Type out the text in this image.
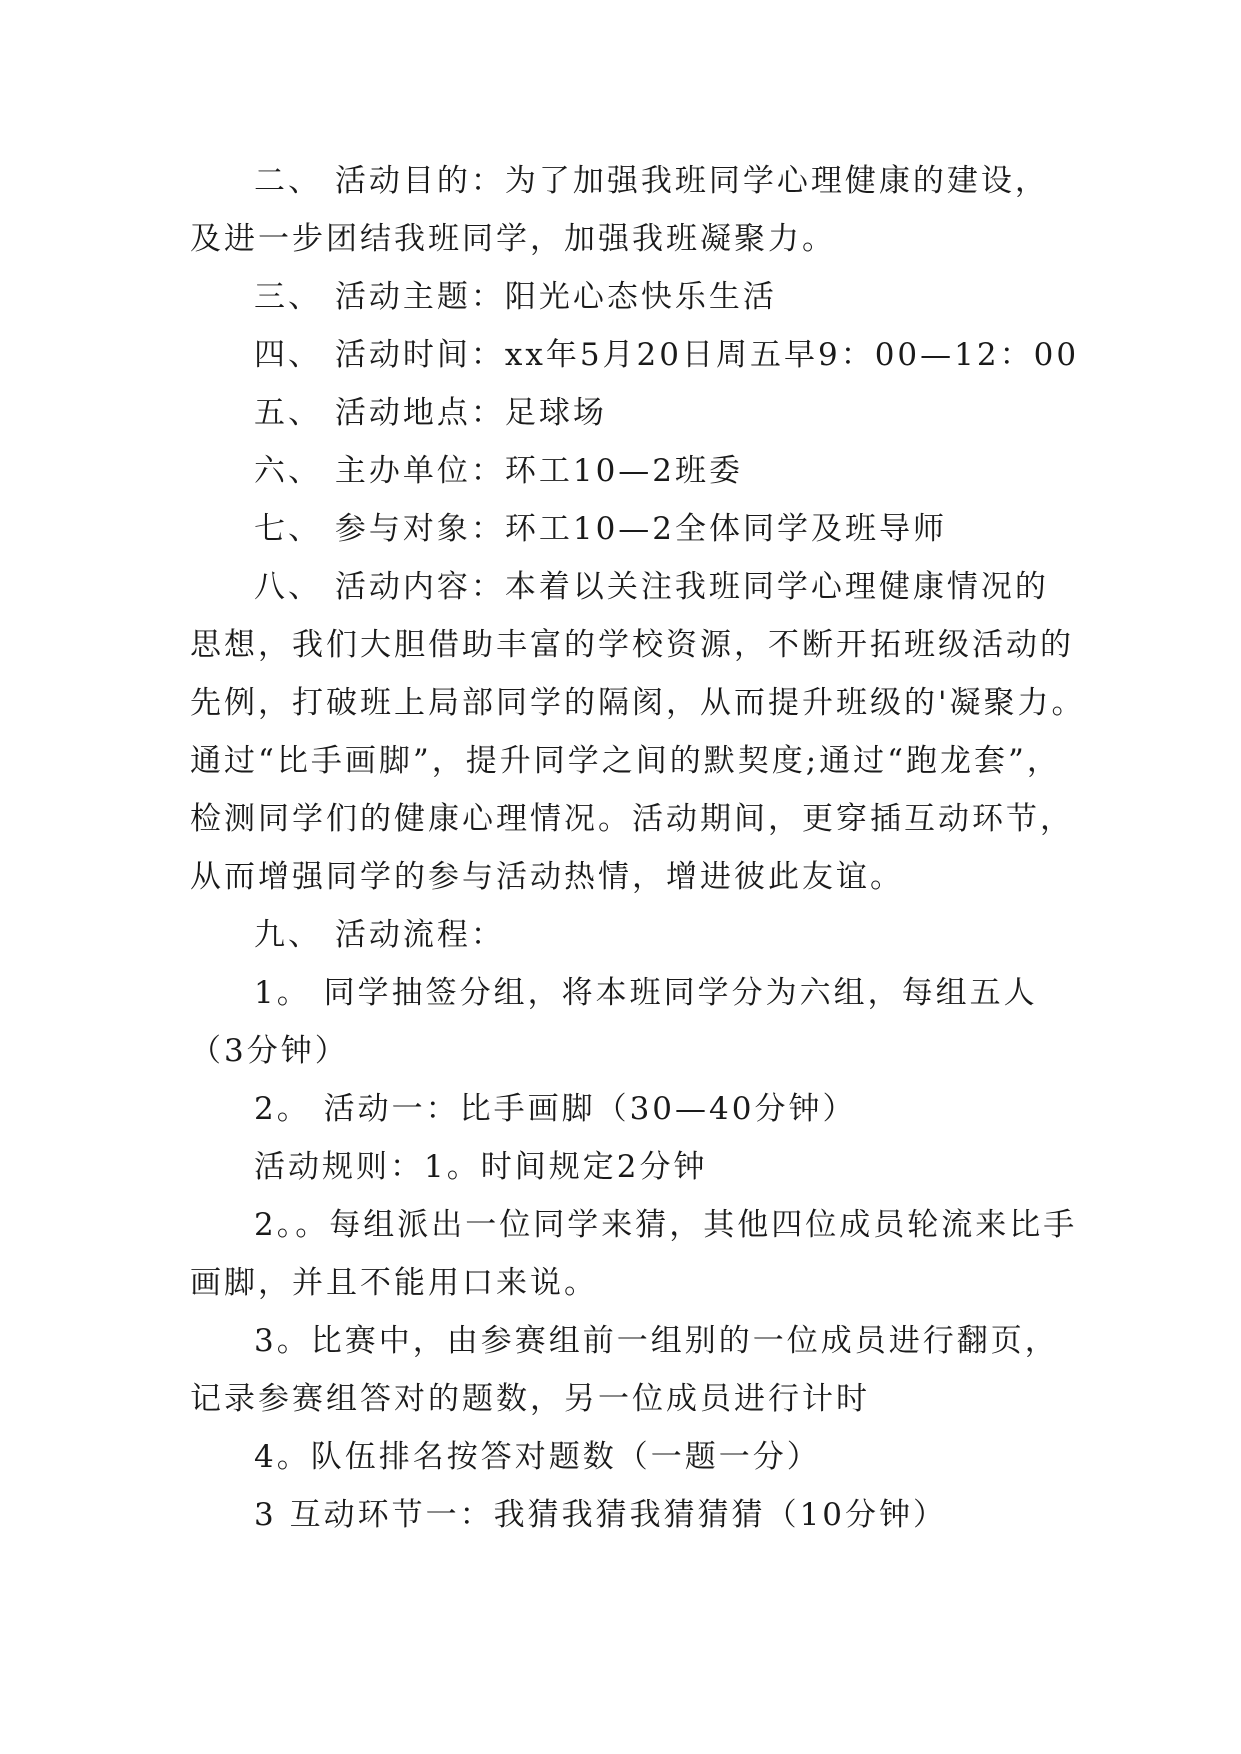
二、 活动目的：为了加强我班同学心理健康的建设，
及进一步团结我班同学，加强我班凝聚力。
三、 活动主题：阳光心态快乐生活
四、 活动时间：xx年5月20日周五早9：00—12：00
五、 活动地点：足球场
六、 主办单位：环工10—2班委
七、 参与对象：环工10—2全体同学及班导师
八、 活动内容：本着以关注我班同学心理健康情况的
思想，我们大胆借助丰富的学校资源，不断开拓班级活动的
先例，打破班上局部同学的隔阂，从而提升班级的'凝聚力。
通过“比手画脚”，提升同学之间的默契度;通过“跑龙套”，
检测同学们的健康心理情况。活动期间，更穿插互动环节，
从而增强同学的参与活动热情，增进彼此友谊。
九、 活动流程：
1。 同学抽签分组，将本班同学分为六组，每组五人
（3分钟）
2。 活动一：比手画脚（30—40分钟）
活动规则：1。时间规定2分钟
2。。每组派出一位同学来猜，其他四位成员轮流来比手
画脚，并且不能用口来说。
3。比赛中，由参赛组前一组别的一位成员进行翻页，
记录参赛组答对的题数，另一位成员进行计时
4。队伍排名按答对题数（一题一分）
3 互动环节一：我猜我猜我猜猜猜（10分钟）
